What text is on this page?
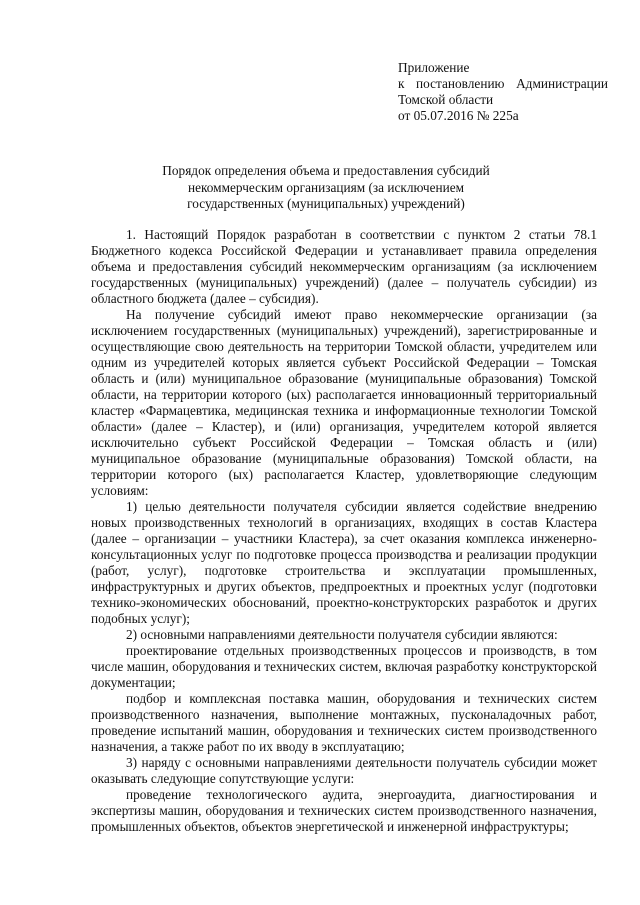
Приложение
к постановлению Администрации
Томской области
от 05.07.2016 № 225а
Порядок определения объема и предоставления субсидий
некоммерческим организациям (за исключением
государственных (муниципальных) учреждений)

1. Настоящий Порядок разработан в соответствии с пунктом 2 статьи 78.1 Бюджетного кодекса Российской Федерации и устанавливает правила определения объема и предоставления субсидий некоммерческим организациям (за исключением государственных (муниципальных) учреждений) (далее – получатель субсидии) из областного бюджета (далее – субсидия).

На получение субсидий имеют право некоммерческие организации (за исключением государственных (муниципальных) учреждений), зарегистрированные и осуществляющие свою деятельность на территории Томской области, учредителем или одним из учредителей которых является субъект Российской Федерации – Томская область и (или) муниципальное образование (муниципальные образования) Томской области, на территории которого (ых) располагается инновационный территориальный кластер «Фармацевтика, медицинская техника и информационные технологии Томской области» (далее – Кластер), и (или) организация, учредителем которой является исключительно субъект Российской Федерации – Томская область и (или) муниципальное образование (муниципальные образования) Томской области, на территории которого (ых) располагается Кластер, удовлетворяющие следующим условиям:

1) целью деятельности получателя субсидии является содействие внедрению новых производственных технологий в организациях, входящих в состав Кластера (далее – организации – участники Кластера), за счет оказания комплекса инженерно-консультационных услуг по подготовке процесса производства и реализации продукции (работ, услуг), подготовке строительства и эксплуатации промышленных, инфраструктурных и других объектов, предпроектных и проектных услуг (подготовки технико-экономических обоснований, проектно-конструкторских разработок и других подобных услуг);

2) основными направлениями деятельности получателя субсидии являются:

проектирование отдельных производственных процессов и производств, в том числе машин, оборудования и технических систем, включая разработку конструкторской документации;

подбор и комплексная поставка машин, оборудования и технических систем производственного назначения, выполнение монтажных, пусконаладочных работ, проведение испытаний машин, оборудования и технических систем производственного назначения, а также работ по их вводу в эксплуатацию;

3) наряду с основными направлениями деятельности получатель субсидии может оказывать следующие сопутствующие услуги:

проведение технологического аудита, энергоаудита, диагностирования и экспертизы машин, оборудования и технических систем производственного назначения, промышленных объектов, объектов энергетической и инженерной инфраструктуры;
